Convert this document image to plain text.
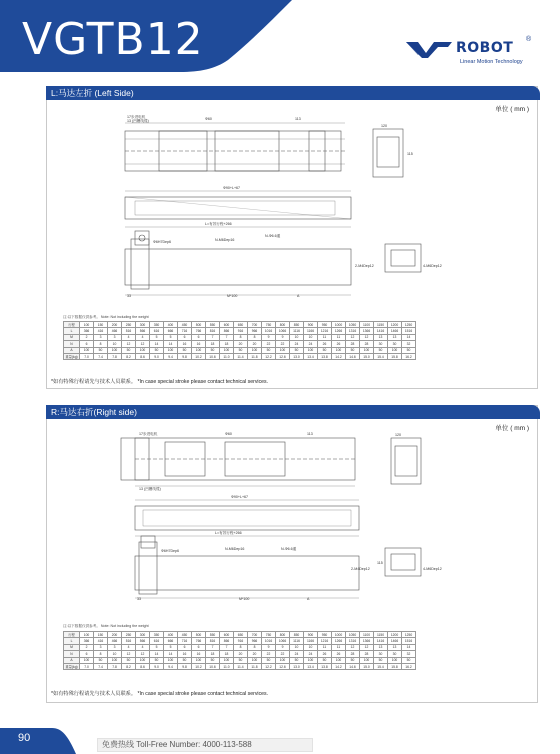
VGTB12	ROBOT
®
Linear Motion Technology
L:马达左折 (Left Side)
单位 ( mm )
17步进电机
13 (凹槽线缆)	Φ60	113
Φ90+L+67
L=有效行程+266
N-M6Dep16
N-Φ6.6通
Φ6H7Dep6
M*100	A
33
2-M4Dep12	4-M6Dep12
115
120
注:以下数据仅供参考。 Note: Not including the weight
行程	100	150	200	250	300	350	400	450	500	550	600	650	700	750	800	850	900	950	1000	1050	1100	1150	1200	1250
L	366	416	466	516	566	616	666	716	766	816	866	916	966	1016	1066	1116	1166	1216	1266	1316	1366	1416	1466	1516
M	2	3	3	4	4	5	5	6	6	7	7	8	8	9	9	10	10	11	11	12	12	13	13	14
N	6	8	10	12	12	14	14	16	16	18	18	20	20	22	22	24	24	26	26	28	28	30	30	32
A	100	50	100	50	100	50	100	50	100	50	100	50	100	50	100	50	100	50	100	50	100	50	100	50
重量(kg)	7.0	7.4	7.8	8.2	8.6	9.0	9.4	9.8	10.2	10.6	11.0	11.4	11.8	12.2	12.6	13.0	13.4	13.8	14.2	14.6	15.0	15.4	15.8	16.2
*如有特殊行程请先与技术人员联系。 *In case special stroke please contact technical services.
R:马达右折(Right side)
单位 ( mm )
17步进电机
13 (凹槽线缆)
Φ60	113
Φ90+L+67
L=有效行程+266
N-M6Dep16	N-Φ6.6通
Φ6H7Dep6
M*100	A
33
2-M4Dep12	4-M6Dep12
115
120
注:以下数据仅供参考。 Note: Not including the weight
行程	100	150	200	250	300	350	400	450	500	550	600	650	700	750	800	850	900	950	1000	1050	1100	1150	1200	1250
L	366	416	466	516	566	616	666	716	766	816	866	916	966	1016	1066	1116	1166	1216	1266	1316	1366	1416	1466	1516
M	2	3	3	4	4	5	5	6	6	7	7	8	8	9	9	10	10	11	11	12	12	13	13	14
N	6	8	10	12	12	14	14	16	16	18	18	20	20	22	22	24	24	26	26	28	28	30	30	32
A	100	50	100	50	100	50	100	50	100	50	100	50	100	50	100	50	100	50	100	50	100	50	100	50
重量(kg)	7.0	7.4	7.8	8.2	8.6	9.0	9.4	9.8	10.2	10.6	11.0	11.4	11.8	12.2	12.6	13.0	13.4	13.8	14.2	14.6	15.0	15.4	15.8	16.2
*如有特殊行程请先与技术人员联系。 *In case special stroke please contact technical services.
90
免费热线 Toll-Free Number: 4000-113-588
